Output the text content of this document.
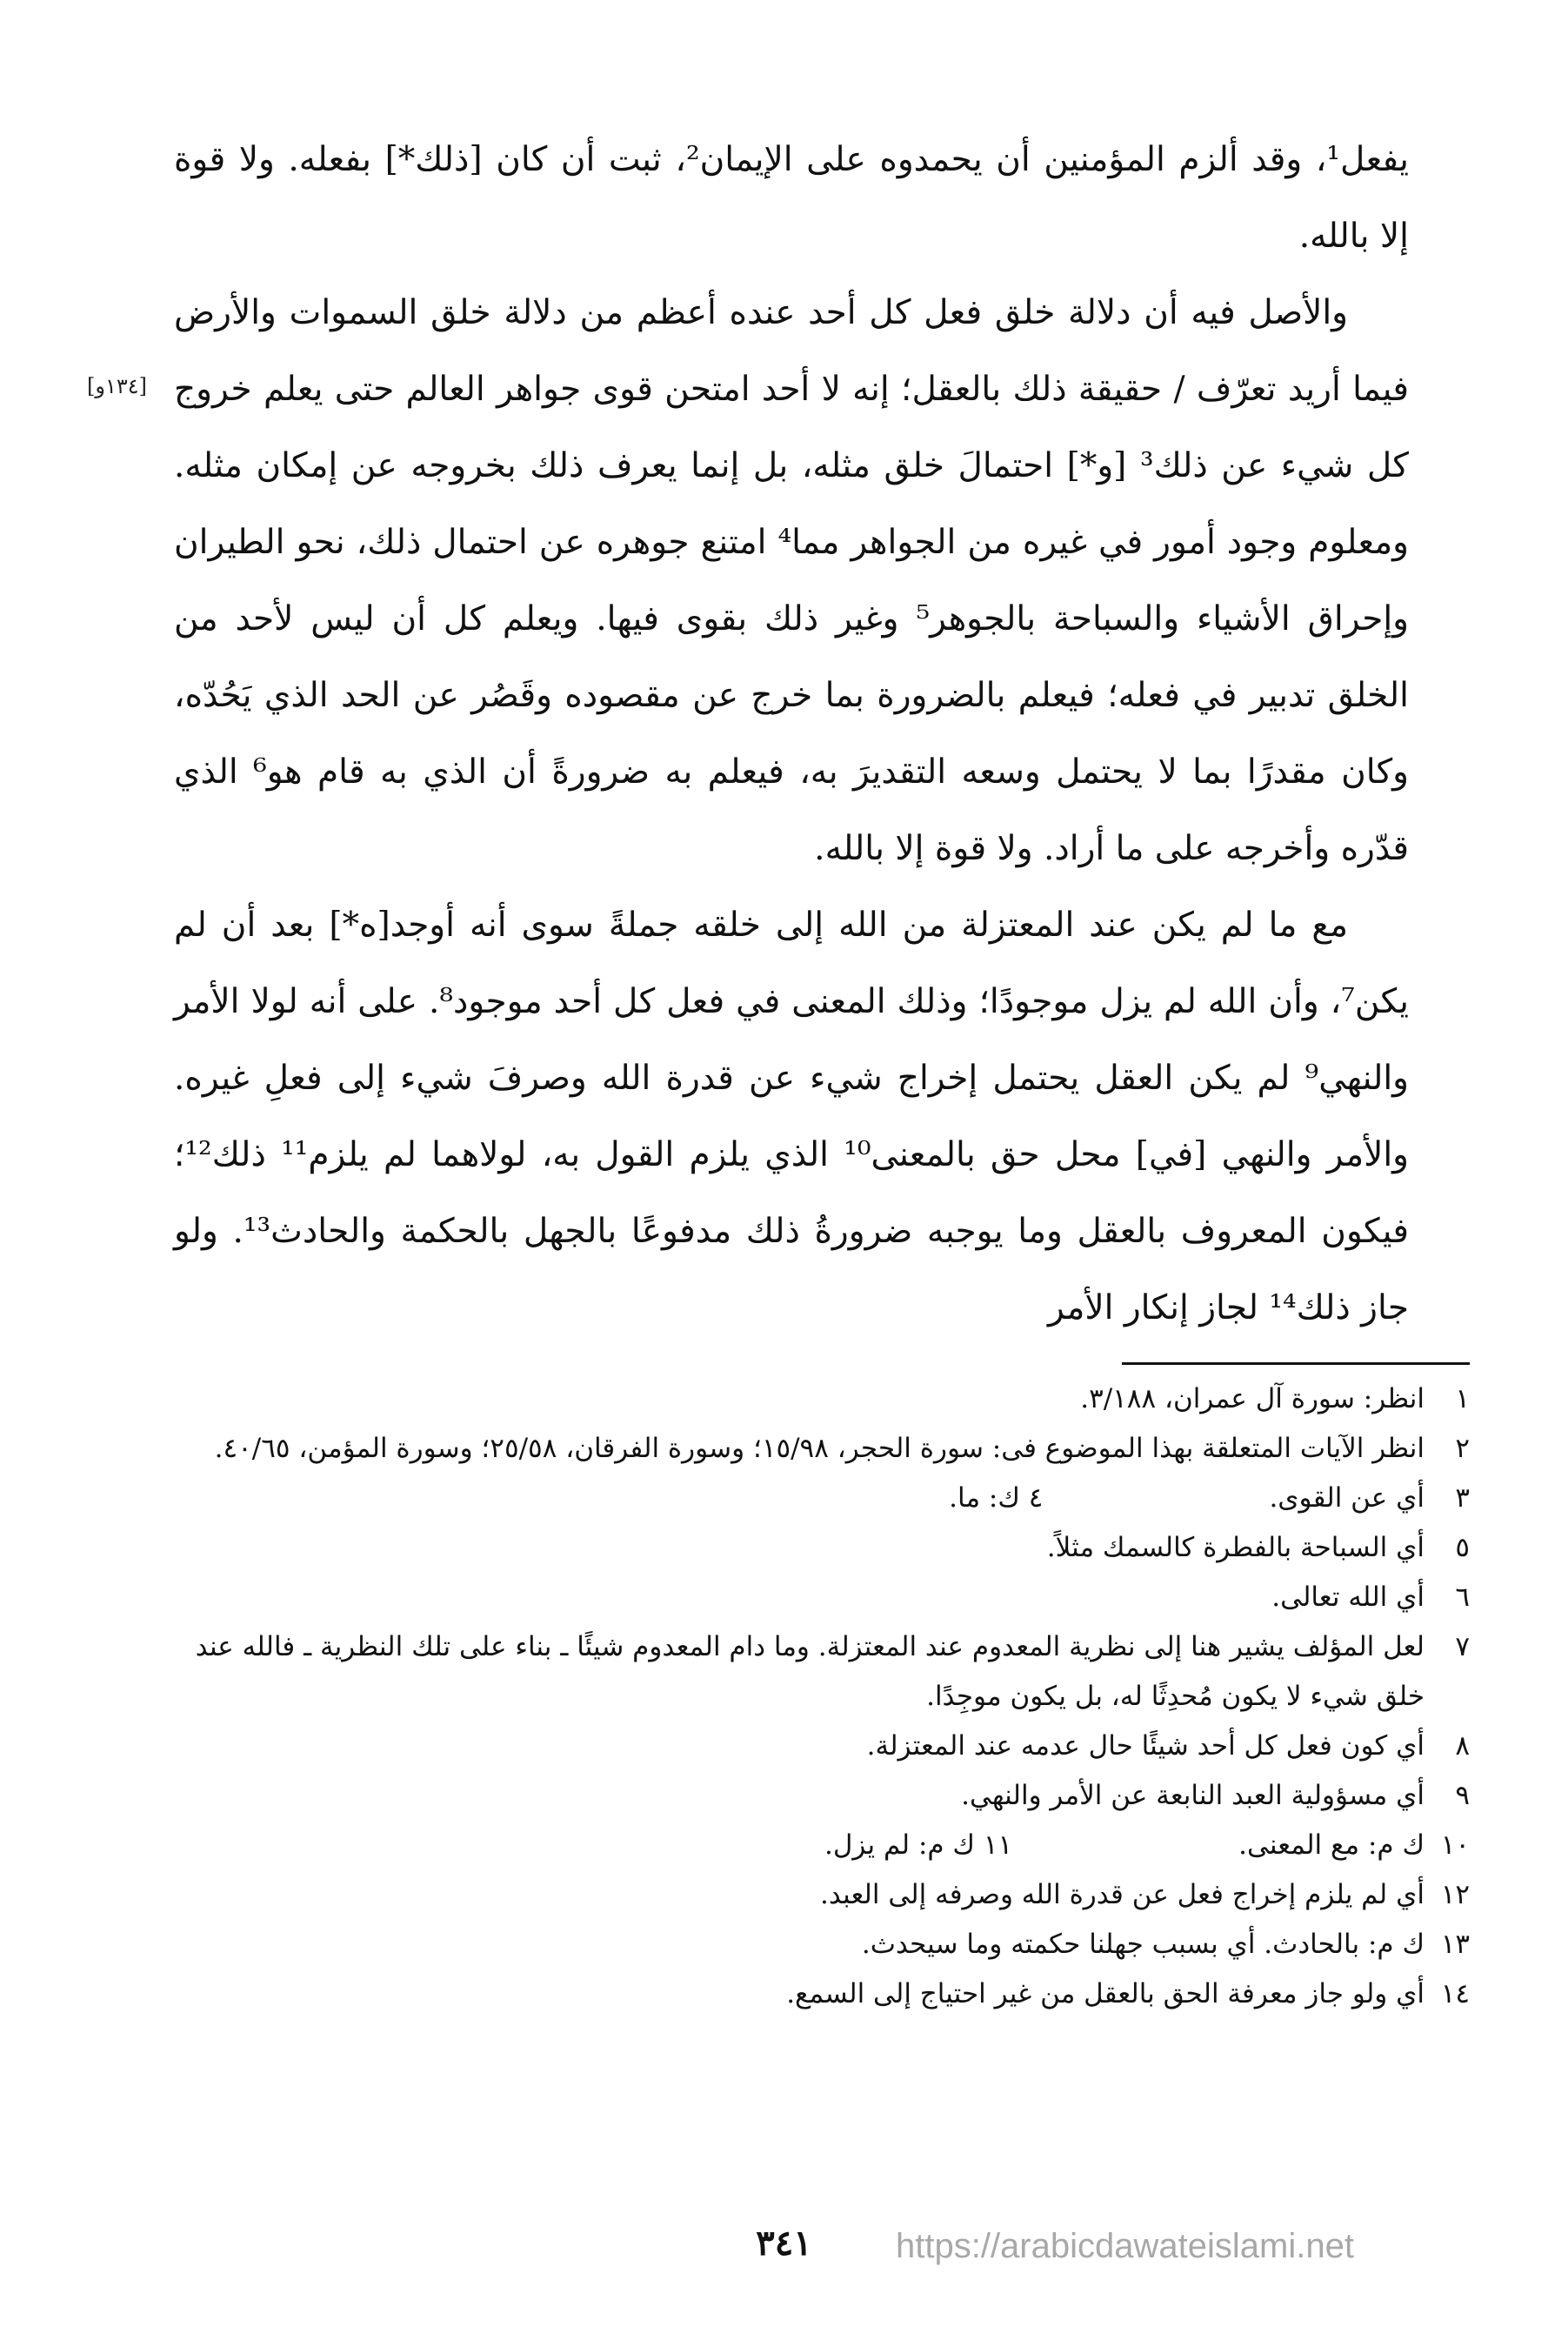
يفعل¹، وقد ألزم المؤمنين أن يحمدوه على الإيمان²، ثبت أن كان [ذلك*] بفعله. ولا قوة إلا بالله.

والأصل فيه أن دلالة خلق فعل كل أحد عنده أعظم من دلالة خلق السموات والأرض فيما أريد تعرّف / حقيقة ذلك بالعقل؛ إنه لا أحد امتحن قوى جواهر العالم حتى يعلم خروج كل شيء عن ذلك³ [و*] احتمالَ خلق مثله، بل إنما يعرف ذلك بخروجه عن إمكان مثله. ومعلوم وجود أمور في غيره من الجواهر مما⁴ امتنع جوهره عن احتمال ذلك، نحو الطيران وإحراق الأشياء والسباحة بالجوهر⁵ وغير ذلك بقوى فيها. ويعلم كل أن ليس لأحد من الخلق تدبير في فعله؛ فيعلم بالضرورة بما خرج عن مقصوده وقَصُر عن الحد الذي يَحُدّه، وكان مقدرًا بما لا يحتمل وسعه التقديرَ به، فيعلم به ضرورةً أن الذي به قام هو⁶ الذي قدّره وأخرجه على ما أراد. ولا قوة إلا بالله.

مع ما لم يكن عند المعتزلة من الله إلى خلقه جملةً سوى أنه أوجد[ه*] بعد أن لم يكن⁷، وأن الله لم يزل موجودًا؛ وذلك المعنى في فعل كل أحد موجود⁸. على أنه لولا الأمر والنهي⁹ لم يكن العقل يحتمل إخراج شيء عن قدرة الله وصرفَ شيء إلى فعلِ غيره. والأمر والنهي [في] محل حق بالمعنى¹⁰ الذي يلزم القول به، لولاهما لم يلزم¹¹ ذلك¹²؛ فيكون المعروف بالعقل وما يوجبه ضرورةُ ذلك مدفوعًا بالجهل بالحكمة والحادث¹³. ولو جاز ذلك¹⁴ لجاز إنكار الأمر

[١٣٤و]
١
انظر: سورة آل عمران، ٣/١٨٨.
٢
انظر الآيات المتعلقة بهذا الموضوع فى: سورة الحجر، ١٥/٩٨؛ وسورة الفرقان، ٢٥/٥٨؛ وسورة المؤمن، ٤٠/٦٥.
٣
أي عن القوى.
٤ ك: ما.
٥
أي السباحة بالفطرة كالسمك مثلاً.
٦
أي الله تعالى.
٧
لعل المؤلف يشير هنا إلى نظرية المعدوم عند المعتزلة. وما دام المعدوم شيئًا ـ بناء على تلك النظرية ـ فالله عند خلق شيء لا يكون مُحدِثًا له، بل يكون موجِدًا.
٨
أي كون فعل كل أحد شيئًا حال عدمه عند المعتزلة.
٩
أي مسؤولية العبد النابعة عن الأمر والنهي.
١٠
ك م: مع المعنى.
١١ ك م: لم يزل.
١٢
أي لم يلزم إخراج فعل عن قدرة الله وصرفه إلى العبد.
١٣
ك م: بالحادث. أي بسبب جهلنا حكمته وما سيحدث.
١٤
أي ولو جاز معرفة الحق بالعقل من غير احتياج إلى السمع.
٣٤١	https://arabicdawateislami.net
